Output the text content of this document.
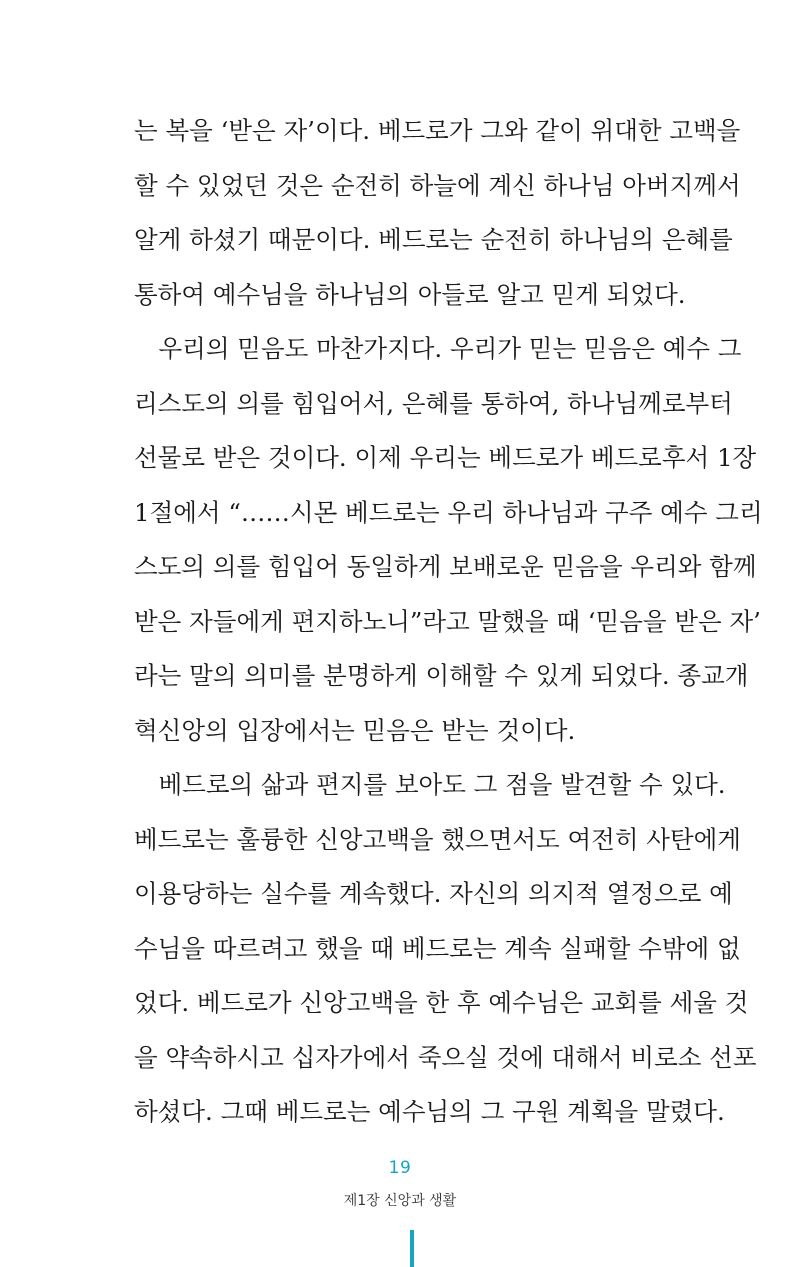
는 복을 ‘받은 자’이다. 베드로가 그와 같이 위대한 고백을
할 수 있었던 것은 순전히 하늘에 계신 하나님 아버지께서
알게 하셨기 때문이다. 베드로는 순전히 하나님의 은혜를
통하여 예수님을 하나님의 아들로 알고 믿게 되었다.
　우리의 믿음도 마찬가지다. 우리가 믿는 믿음은 예수 그
리스도의 의를 힘입어서, 은혜를 통하여, 하나님께로부터
선물로 받은 것이다. 이제 우리는 베드로가 베드로후서 1장
1절에서 “……시몬 베드로는 우리 하나님과 구주 예수 그리
스도의 의를 힘입어 동일하게 보배로운 믿음을 우리와 함께
받은 자들에게 편지하노니”라고 말했을 때 ‘믿음을 받은 자’
라는 말의 의미를 분명하게 이해할 수 있게 되었다. 종교개
혁신앙의 입장에서는 믿음은 받는 것이다.
　베드로의 삶과 편지를 보아도 그 점을 발견할 수 있다.
베드로는 훌륭한 신앙고백을 했으면서도 여전히 사탄에게
이용당하는 실수를 계속했다. 자신의 의지적 열정으로 예
수님을 따르려고 했을 때 베드로는 계속 실패할 수밖에 없
었다. 베드로가 신앙고백을 한 후 예수님은 교회를 세울 것
을 약속하시고 십자가에서 죽으실 것에 대해서 비로소 선포
하셨다. 그때 베드로는 예수님의 그 구원 계획을 말렸다.
19
제1장 신앙과 생활
